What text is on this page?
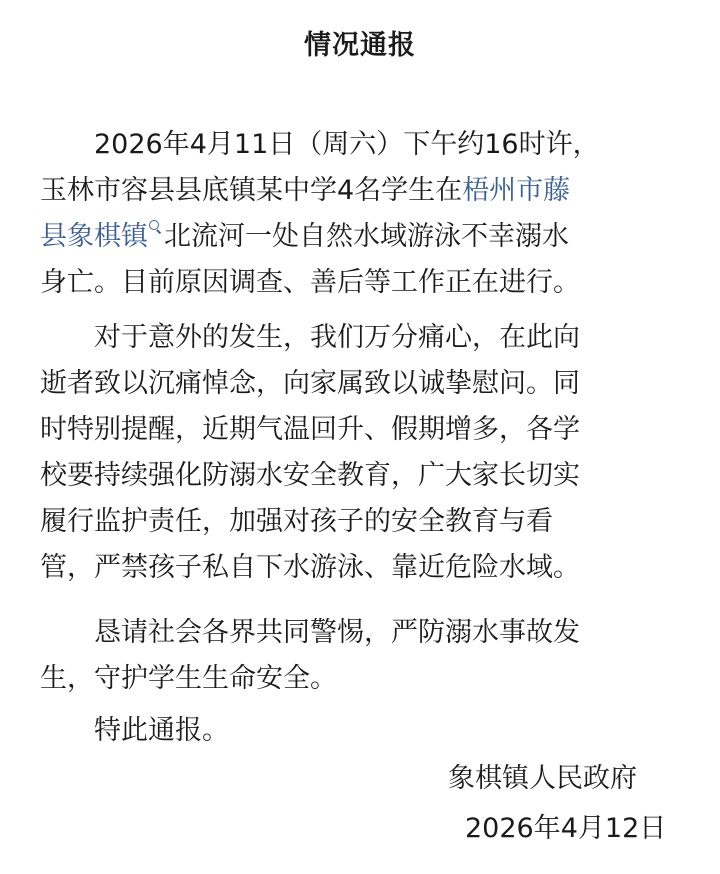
情况通报
2026年4月11日（周六）下午约16时许，
玉林市容县县底镇某中学4名学生在梧州市藤
县象棋镇 北流河一处自然水域游泳不幸溺水
身亡。目前原因调查、善后等工作正在进行。
对于意外的发生，我们万分痛心，在此向
逝者致以沉痛悼念，向家属致以诚挚慰问。同
时特别提醒，近期气温回升、假期增多，各学
校要持续强化防溺水安全教育，广大家长切实
履行监护责任，加强对孩子的安全教育与看
管，严禁孩子私自下水游泳、靠近危险水域。
恳请社会各界共同警惕，严防溺水事故发
生，守护学生生命安全。
特此通报。
象棋镇人民政府
2026年4月12日
